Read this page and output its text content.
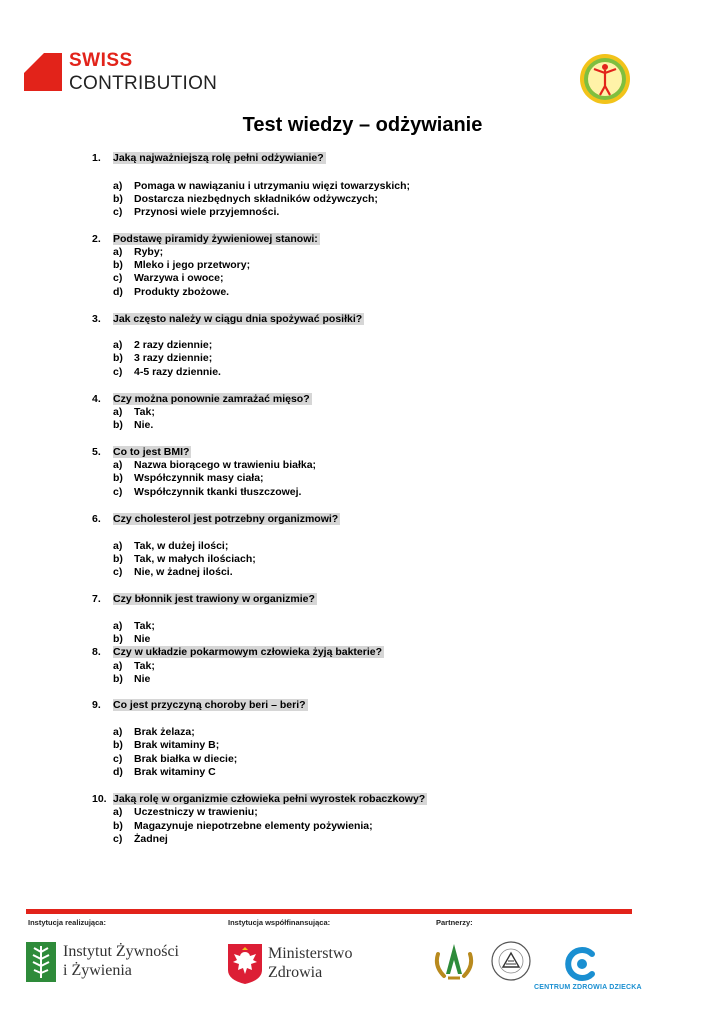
SWISS
CONTRIBUTION
Test wiedzy – odżywianie
1. Jaką najważniejszą rolę pełni odżywianie?
a) Pomaga w nawiązaniu i utrzymaniu więzi towarzyskich;
b) Dostarcza niezbędnych składników odżywczych;
c) Przynosi wiele przyjemności.
2. Podstawę piramidy żywieniowej stanowi:
a) Ryby;
b) Mleko i jego przetwory;
c) Warzywa i owoce;
d) Produkty zbożowe.
3. Jak często należy w ciągu dnia spożywać posiłki?
a) 2 razy dziennie;
b) 3 razy dziennie;
c) 4-5 razy dziennie.
4. Czy można ponownie zamrażać mięso?
a) Tak;
b) Nie.
5. Co to jest BMI?
a) Nazwa biorącego w trawieniu białka;
b) Współczynnik masy ciała;
c) Współczynnik tkanki tłuszczowej.
6. Czy cholesterol jest potrzebny organizmowi?
a) Tak, w dużej ilości;
b) Tak, w małych ilościach;
c) Nie, w żadnej ilości.
7. Czy błonnik jest trawiony w organizmie?
a) Tak;
b) Nie
8. Czy w układzie pokarmowym człowieka żyją bakterie?
a) Tak;
b) Nie
9. Co jest przyczyną choroby beri – beri?
a) Brak żelaza;
b) Brak witaminy B;
c) Brak białka w diecie;
d) Brak witaminy C
10. Jaką rolę w organizmie człowieka pełni wyrostek robaczkowy?
a) Uczestniczy w trawieniu;
b) Magazynuje niepotrzebne elementy pożywienia;
c) Żadnej
Instytucja realizująca:	Instytucja współfinansująca:	Partnerzy:
Instytut Żywności
i Żywienia
Ministerstwo
Zdrowia
CENTRUM ZDROWIA DZIECKA
